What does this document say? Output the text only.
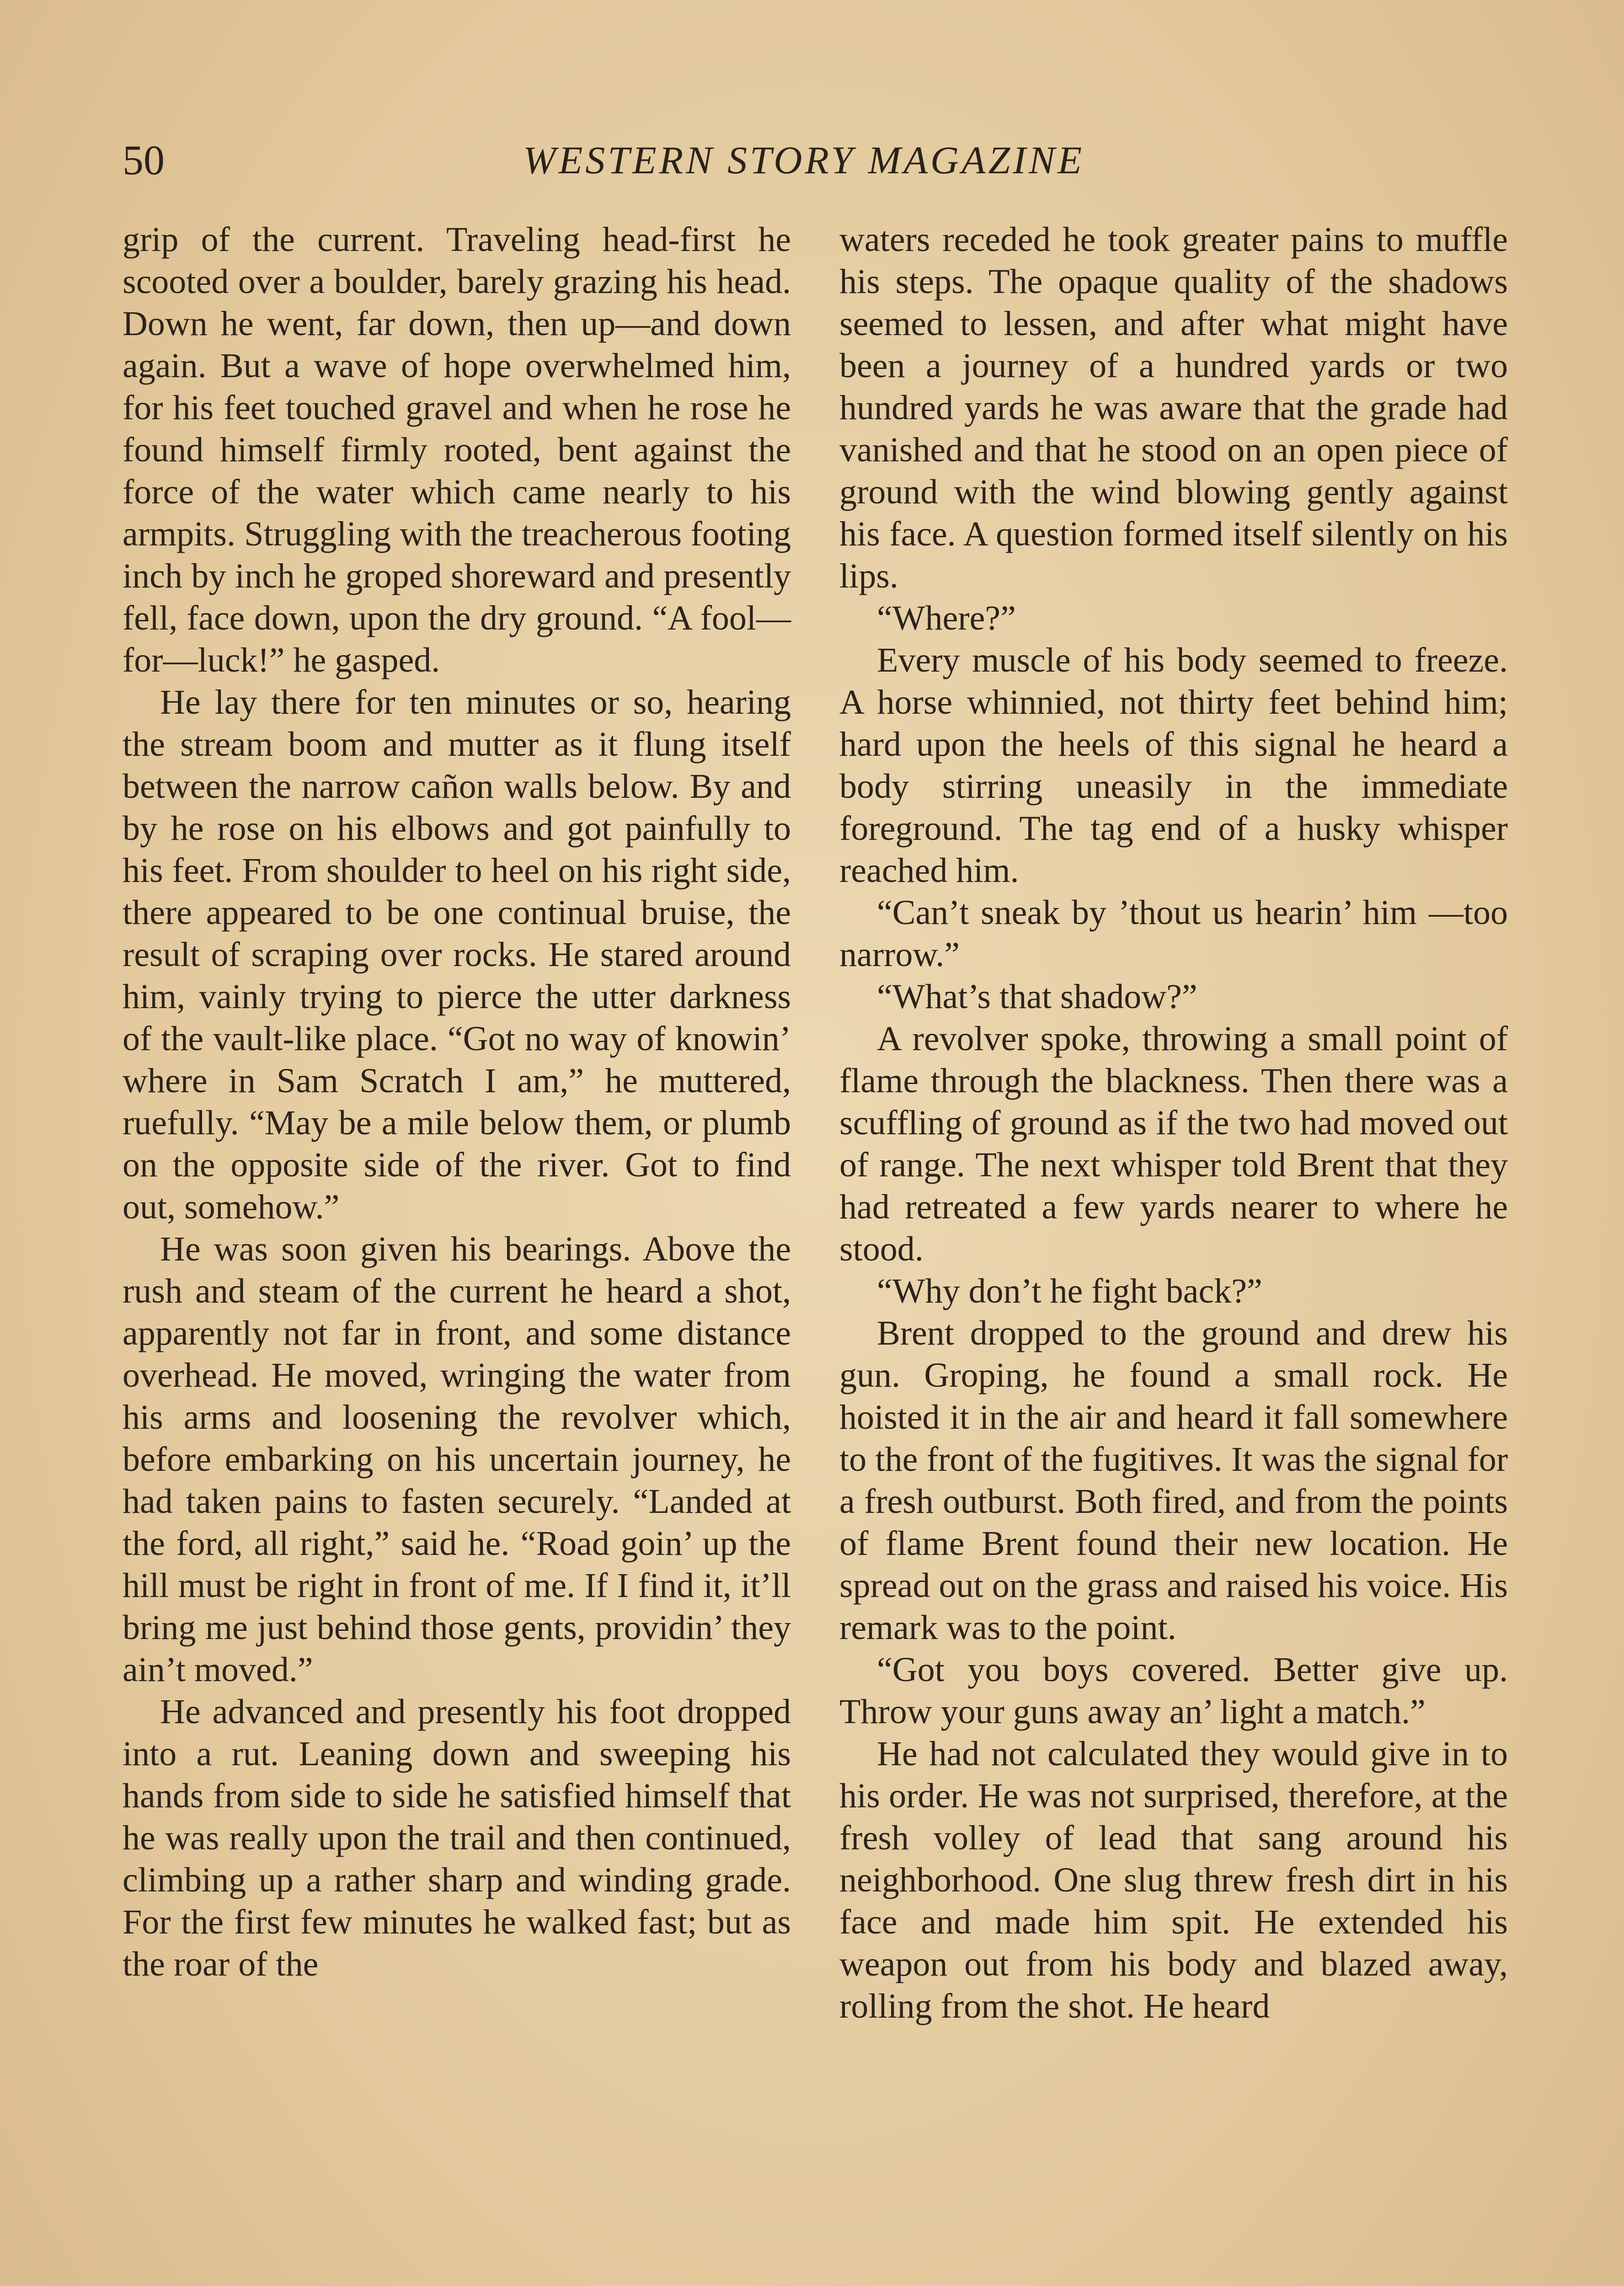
50	WESTERN STORY MAGAZINE

grip of the current. Traveling head-first he scooted over a boulder, barely grazing his head. Down he went, far down, then up—and down again. But a wave of hope overwhelmed him, for his feet touched gravel and when he rose he found himself firmly rooted, bent against the force of the water which came nearly to his armpits. Struggling with the treacherous footing inch by inch he groped shoreward and presently fell, face down, upon the dry ground. “A fool—for—luck!” he gasped.

He lay there for ten minutes or so, hearing the stream boom and mutter as it flung itself between the narrow cañon walls below. By and by he rose on his elbows and got painfully to his feet. From shoulder to heel on his right side, there appeared to be one continual bruise, the result of scraping over rocks. He stared around him, vainly trying to pierce the utter darkness of the vault-like place. “Got no way of knowin’ where in Sam Scratch I am,” he muttered, ruefully. “May be a mile below them, or plumb on the opposite side of the river. Got to find out, somehow.”

He was soon given his bearings. Above the rush and steam of the current he heard a shot, apparently not far in front, and some distance overhead. He moved, wringing the water from his arms and loosening the revolver which, before embarking on his uncertain journey, he had taken pains to fasten securely. “Landed at the ford, all right,” said he. “Road goin’ up the hill must be right in front of me. If I find it, it’ll bring me just behind those gents, providin’ they ain’t moved.”

He advanced and presently his foot dropped into a rut. Leaning down and sweeping his hands from side to side he satisfied himself that he was really upon the trail and then continued, climbing up a rather sharp and winding grade. For the first few minutes he walked fast; but as the roar of the

waters receded he took greater pains to muffle his steps. The opaque quality of the shadows seemed to lessen, and after what might have been a journey of a hundred yards or two hundred yards he was aware that the grade had vanished and that he stood on an open piece of ground with the wind blowing gently against his face. A question formed itself silently on his lips.

“Where?”

Every muscle of his body seemed to freeze. A horse whinnied, not thirty feet behind him; hard upon the heels of this signal he heard a body stirring uneasily in the immediate foreground. The tag end of a husky whisper reached him.

“Can’t sneak by ’thout us hearin’ him —too narrow.”

“What’s that shadow?”

A revolver spoke, throwing a small point of flame through the blackness. Then there was a scuffling of ground as if the two had moved out of range. The next whisper told Brent that they had retreated a few yards nearer to where he stood.

“Why don’t he fight back?”

Brent dropped to the ground and drew his gun. Groping, he found a small rock. He hoisted it in the air and heard it fall somewhere to the front of the fugitives. It was the signal for a fresh outburst. Both fired, and from the points of flame Brent found their new location. He spread out on the grass and raised his voice. His remark was to the point.

“Got you boys covered. Better give up. Throw your guns away an’ light a match.”

He had not calculated they would give in to his order. He was not surprised, therefore, at the fresh volley of lead that sang around his neighborhood. One slug threw fresh dirt in his face and made him spit. He extended his weapon out from his body and blazed away, rolling from the shot. He heard
